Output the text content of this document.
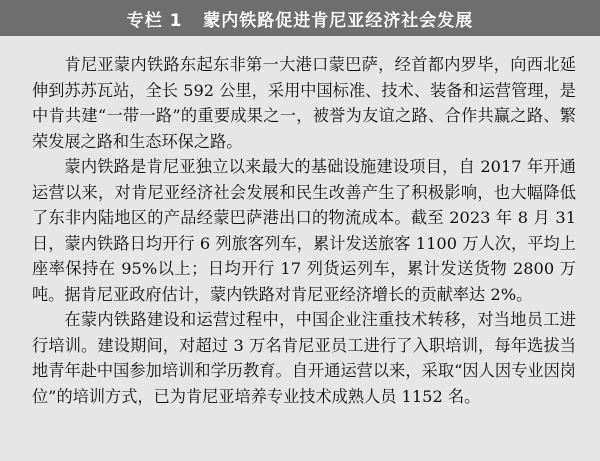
专栏 1   蒙内铁路促进肯尼亚经济社会发展

肯尼亚蒙内铁路东起东非第一大港口蒙巴萨，经首都内罗毕，向西北延伸到苏苏瓦站，全长 592 公里，采用中国标准、技术、装备和运营管理，是中肯共建“一带一路”的重要成果之一，被誉为友谊之路、合作共赢之路、繁荣发展之路和生态环保之路。

蒙内铁路是肯尼亚独立以来最大的基础设施建设项目，自 2017 年开通运营以来，对肯尼亚经济社会发展和民生改善产生了积极影响，也大幅降低了东非内陆地区的产品经蒙巴萨港出口的物流成本。截至 2023 年 8 月 31 日，蒙内铁路日均开行 6 列旅客列车，累计发送旅客 1100 万人次，平均上座率保持在 95%以上；日均开行 17 列货运列车，累计发送货物 2800 万吨。据肯尼亚政府估计，蒙内铁路对肯尼亚经济增长的贡献率达 2%。

在蒙内铁路建设和运营过程中，中国企业注重技术转移，对当地员工进行培训。建设期间，对超过 3 万名肯尼亚员工进行了入职培训，每年选拔当地青年赴中国参加培训和学历教育。自开通运营以来，采取“因人因专业因岗位”的培训方式，已为肯尼亚培养专业技术成熟人员 1152 名。
